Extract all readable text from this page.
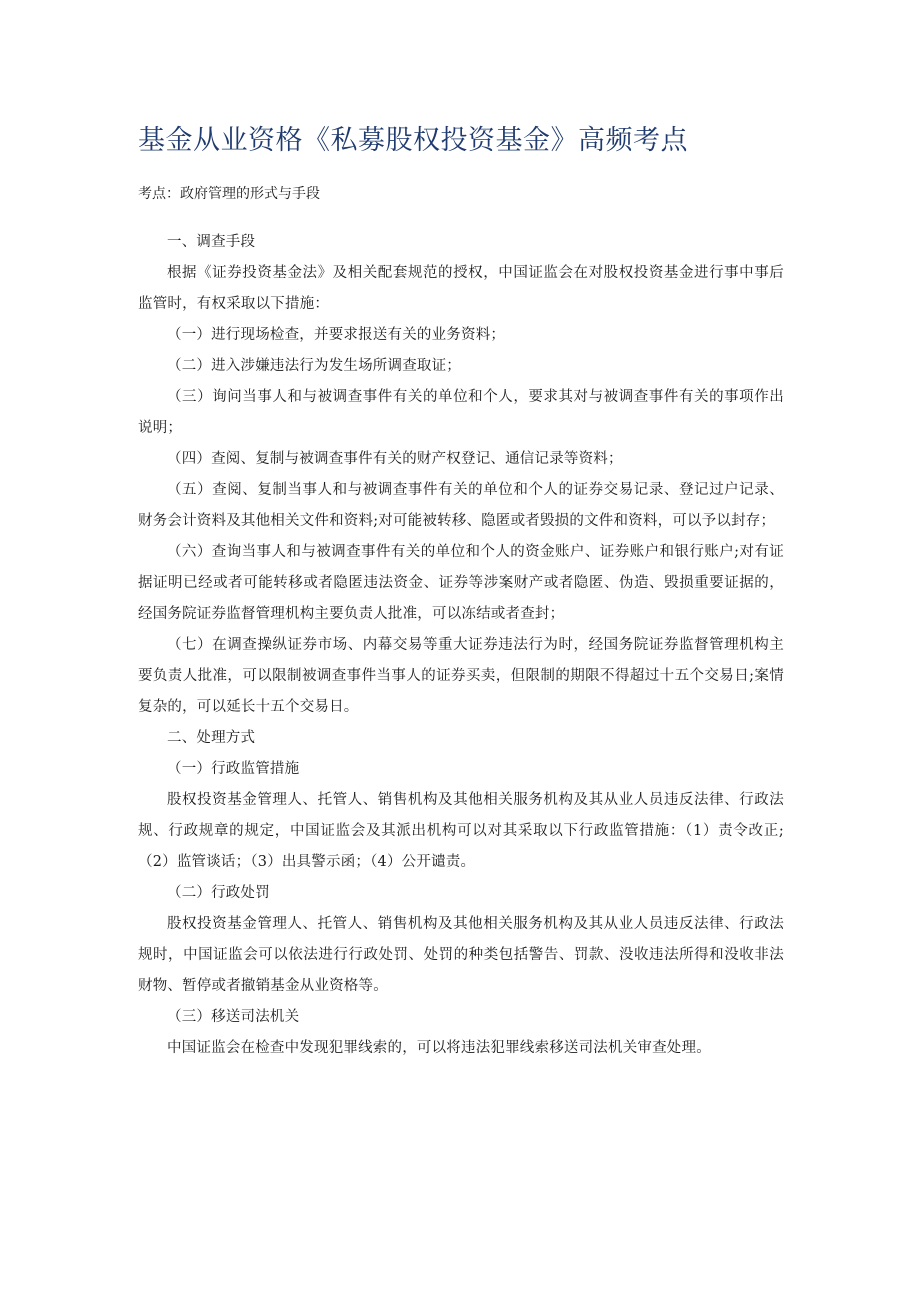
基金从业资格《私募股权投资基金》高频考点

考点：政府管理的形式与手段

一、调查手段

根据《证券投资基金法》及相关配套规范的授权，中国证监会在对股权投资基金进行事中事后监管时，有权采取以下措施：

（一）进行现场检查，并要求报送有关的业务资料；

（二）进入涉嫌违法行为发生场所调查取证；

（三）询问当事人和与被调查事件有关的单位和个人，要求其对与被调查事件有关的事项作出说明；

（四）查阅、复制与被调查事件有关的财产权登记、通信记录等资料；

（五）查阅、复制当事人和与被调查事件有关的单位和个人的证券交易记录、登记过户记录、财务会计资料及其他相关文件和资料;对可能被转移、隐匿或者毁损的文件和资料，可以予以封存；

（六）查询当事人和与被调查事件有关的单位和个人的资金账户、证券账户和银行账户;对有证据证明已经或者可能转移或者隐匿违法资金、证券等涉案财产或者隐匿、伪造、毁损重要证据的，经国务院证券监督管理机构主要负责人批准，可以冻结或者查封；

（七）在调查操纵证券市场、内幕交易等重大证券违法行为时，经国务院证券监督管理机构主要负责人批准，可以限制被调查事件当事人的证券买卖，但限制的期限不得超过十五个交易日;案情复杂的，可以延长十五个交易日。

二、处理方式

（一）行政监管措施

股权投资基金管理人、托管人、销售机构及其他相关服务机构及其从业人员违反法律、行政法规、行政规章的规定，中国证监会及其派出机构可以对其采取以下行政监管措施：（1）责令改正;（2）监管谈话；（3）出具警示函；（4）公开谴责。

（二）行政处罚

股权投资基金管理人、托管人、销售机构及其他相关服务机构及其从业人员违反法律、行政法规时，中国证监会可以依法进行行政处罚、处罚的种类包括警告、罚款、没收违法所得和没收非法财物、暂停或者撤销基金从业资格等。

（三）移送司法机关

中国证监会在检查中发现犯罪线索的，可以将违法犯罪线索移送司法机关审查处理。
